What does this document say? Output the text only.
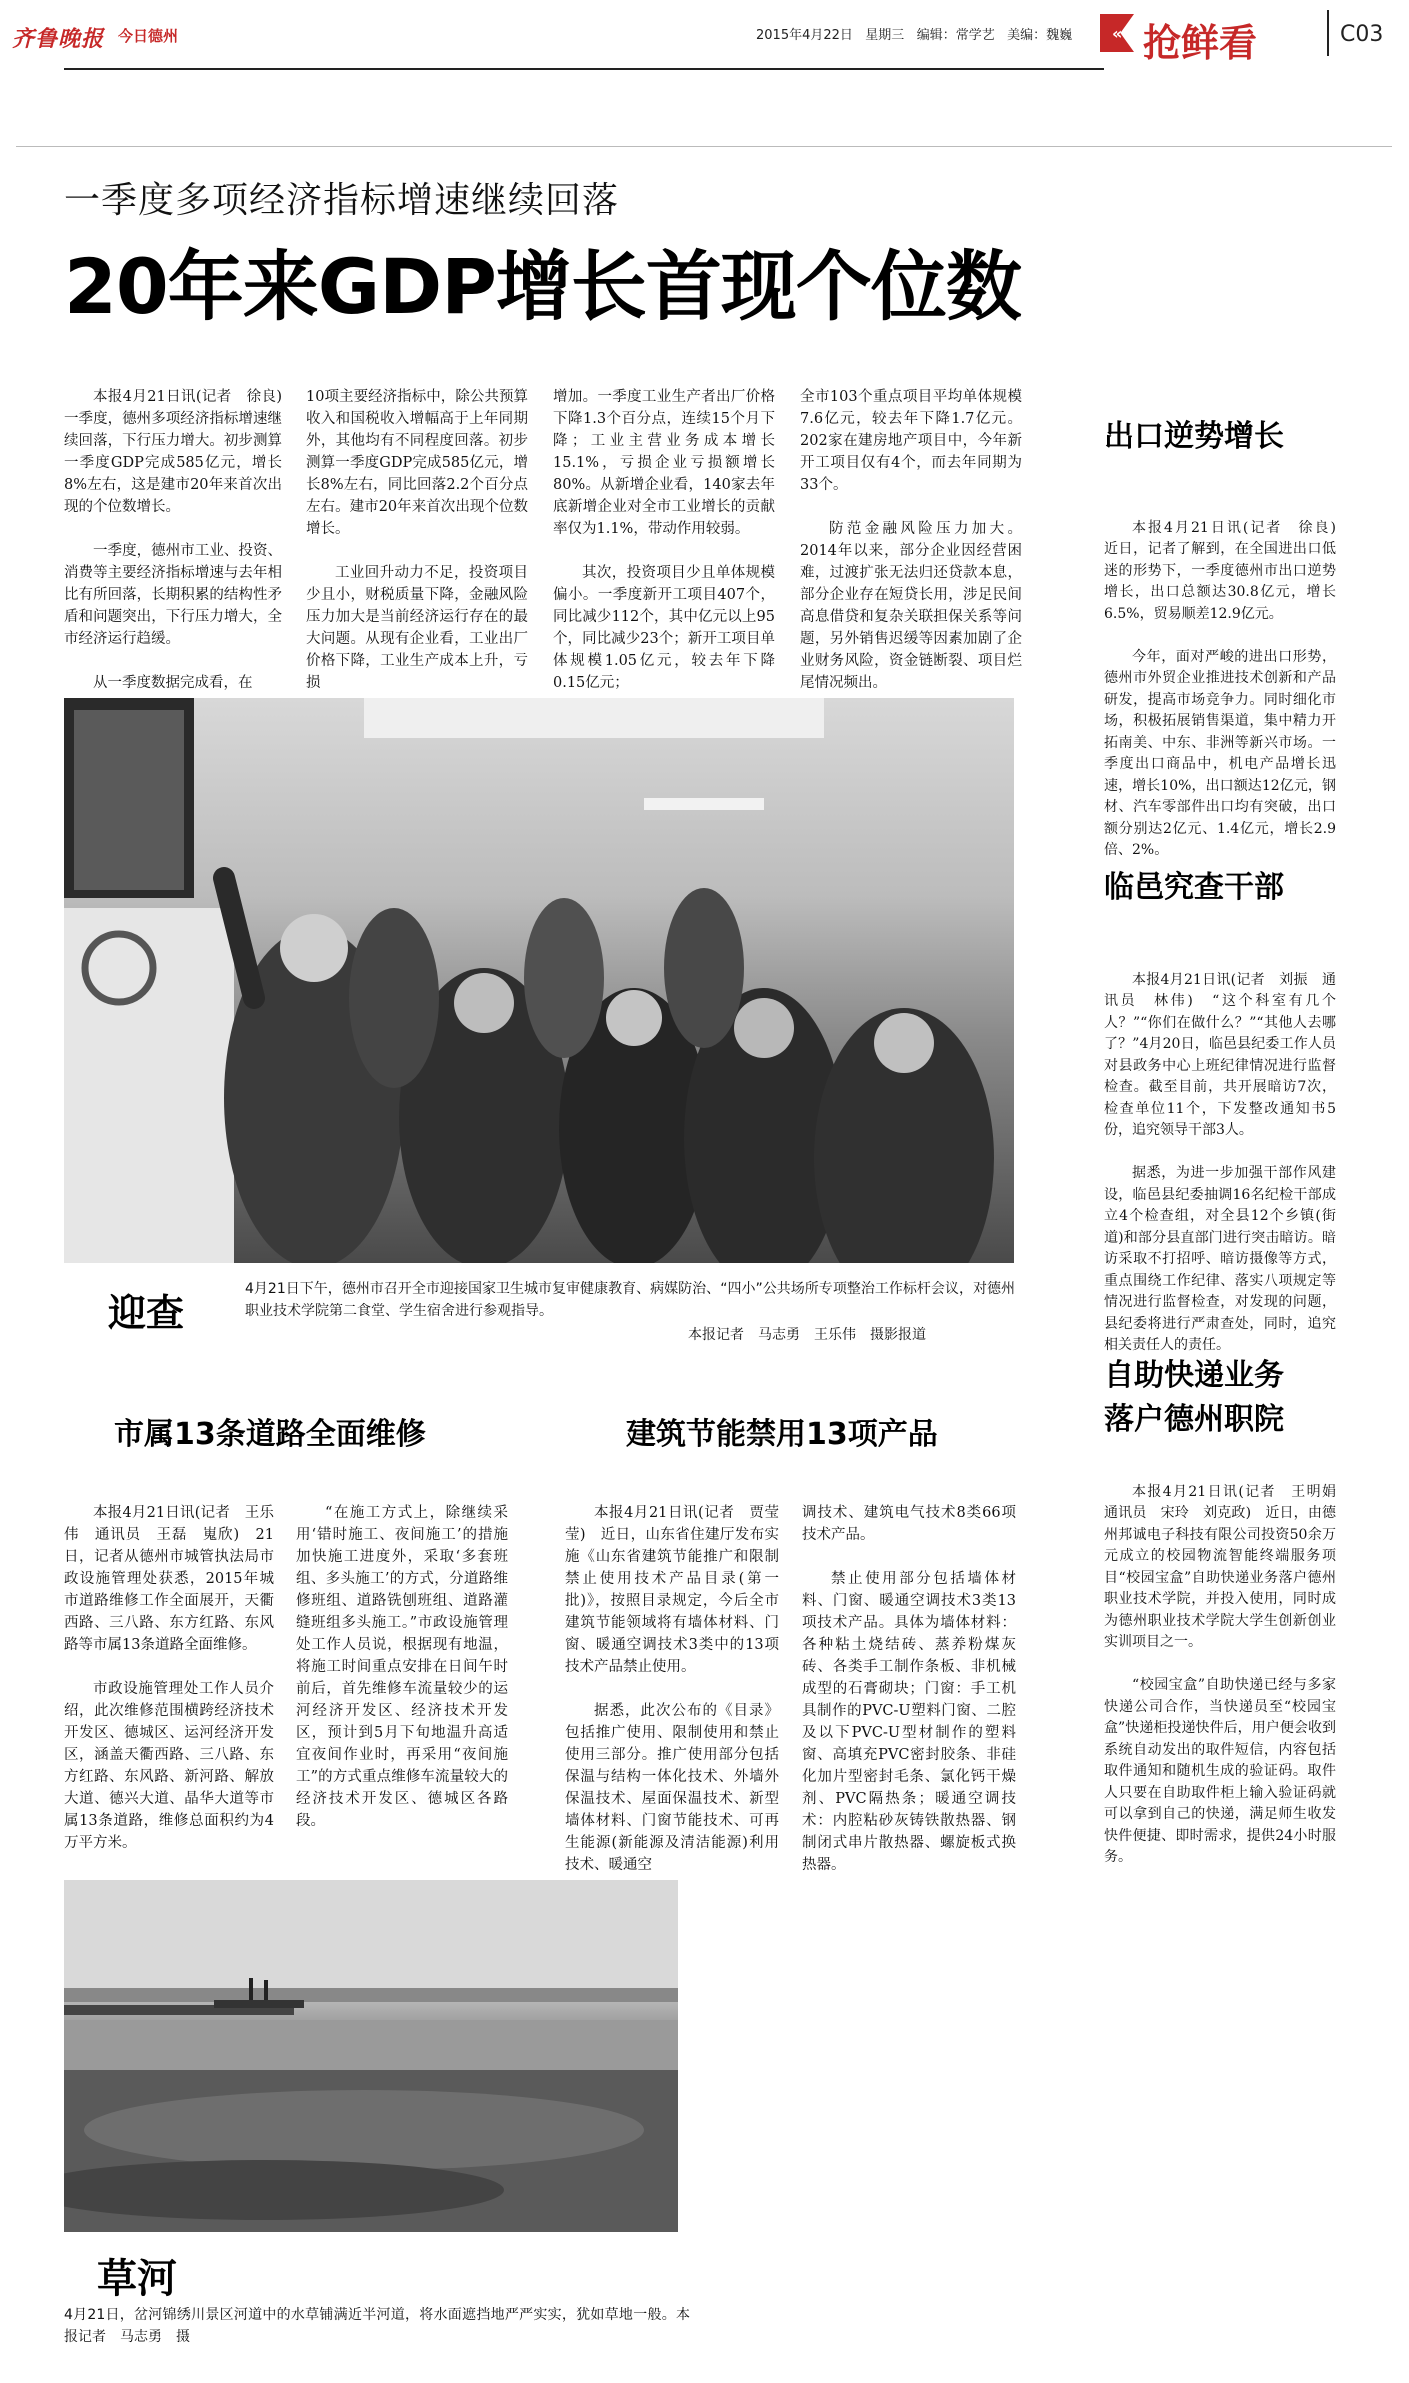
齐鲁晚报 今日德州	2015年4月22日   星期三   编辑：常学艺   美编：魏巍 « 抢鲜看	C03
一季度多项经济指标增速继续回落
20年来GDP增长首现个位数

本报4月21日讯(记者　徐良)　一季度，德州多项经济指标增速继续回落，下行压力增大。初步测算一季度GDP完成585亿元，增长8%左右，这是建市20年来首次出现的个位数增长。

一季度，德州市工业、投资、消费等主要经济指标增速与去年相比有所回落，长期积累的结构性矛盾和问题突出，下行压力增大，全市经济运行趋缓。

从一季度数据完成看，在

10项主要经济指标中，除公共预算收入和国税收入增幅高于上年同期外，其他均有不同程度回落。初步测算一季度GDP完成585亿元，增长8%左右，同比回落2.2个百分点左右。建市20年来首次出现个位数增长。

工业回升动力不足，投资项目少且小，财税质量下降，金融风险压力加大是当前经济运行存在的最大问题。从现有企业看，工业出厂价格下降，工业生产成本上升，亏损

增加。一季度工业生产者出厂价格下降1.3个百分点，连续15个月下降；工业主营业务成本增长15.1%，亏损企业亏损额增长80%。从新增企业看，140家去年底新增企业对全市工业增长的贡献率仅为1.1%，带动作用较弱。

其次，投资项目少且单体规模偏小。一季度新开工项目407个，同比减少112个，其中亿元以上95个，同比减少23个；新开工项目单体规模1.05亿元，较去年下降0.15亿元；

全市103个重点项目平均单体规模7.6亿元，较去年下降1.7亿元。202家在建房地产项目中，今年新开工项目仅有4个，而去年同期为33个。

防范金融风险压力加大。2014年以来，部分企业因经营困难，过渡扩张无法归还贷款本息，部分企业存在短贷长用，涉足民间高息借贷和复杂关联担保关系等问题，另外销售迟缓等因素加剧了企业财务风险，资金链断裂、项目烂尾情况频出。

迎查
4月21日下午，德州市召开全市迎接国家卫生城市复审健康教育、病媒防治、“四小”公共场所专项整治工作标杆会议，对德州职业技术学院第二食堂、学生宿舍进行参观指导。
本报记者　马志勇　王乐伟　摄影报道
出口逆势增长

本报4月21日讯(记者　徐良)　近日，记者了解到，在全国进出口低迷的形势下，一季度德州市出口逆势增长，出口总额达30.8亿元，增长6.5%，贸易顺差12.9亿元。

今年，面对严峻的进出口形势，德州市外贸企业推进技术创新和产品研发，提高市场竞争力。同时细化市场，积极拓展销售渠道，集中精力开拓南美、中东、非洲等新兴市场。一季度出口商品中，机电产品增长迅速，增长10%，出口额达12亿元，钢材、汽车零部件出口均有突破，出口额分别达2亿元、1.4亿元，增长2.9倍、2%。

临邑究查干部

本报4月21日讯(记者　刘振　通讯员　林伟)　“这个科室有几个人？”“你们在做什么？”“其他人去哪了？”4月20日，临邑县纪委工作人员对县政务中心上班纪律情况进行监督检查。截至目前，共开展暗访7次，检查单位11个，下发整改通知书5份，追究领导干部3人。

据悉，为进一步加强干部作风建设，临邑县纪委抽调16名纪检干部成立4个检查组，对全县12个乡镇(街道)和部分县直部门进行突击暗访。暗访采取不打招呼、暗访摄像等方式，重点围绕工作纪律、落实八项规定等情况进行监督检查，对发现的问题，县纪委将进行严肃查处，同时，追究相关责任人的责任。

自助快递业务
落户德州职院

本报4月21日讯(记者　王明娟　通讯员　宋玲　刘克政)　近日，由德州邦诚电子科技有限公司投资50余万元成立的校园物流智能终端服务项目“校园宝盒”自助快递业务落户德州职业技术学院，并投入使用，同时成为德州职业技术学院大学生创新创业实训项目之一。

“校园宝盒”自助快递已经与多家快递公司合作，当快递员至“校园宝盒”快递柜投递快件后，用户便会收到系统自动发出的取件短信，内容包括取件通知和随机生成的验证码。取件人只要在自助取件柜上输入验证码就可以拿到自己的快递，满足师生收发快件便捷、即时需求，提供24小时服务。

市属13条道路全面维修

本报4月21日讯(记者　王乐伟　通讯员　王磊　嵬欣)　21日，记者从德州市城管执法局市政设施管理处获悉，2015年城市道路维修工作全面展开，天衢西路、三八路、东方红路、东风路等市属13条道路全面维修。

市政设施管理处工作人员介绍，此次维修范围横跨经济技术开发区、德城区、运河经济开发区，涵盖天衢西路、三八路、东方红路、东风路、新河路、解放大道、德兴大道、晶华大道等市属13条道路，维修总面积约为4万平方米。

“在施工方式上，除继续采用‘错时施工、夜间施工’的措施加快施工进度外，采取‘多套班组、多头施工’的方式，分道路维修班组、道路铣刨班组、道路灌缝班组多头施工。”市政设施管理处工作人员说，根据现有地温，将施工时间重点安排在日间午时前后，首先维修车流量较少的运河经济开发区、经济技术开发区，预计到5月下旬地温升高适宜夜间作业时，再采用“夜间施工”的方式重点维修车流量较大的经济技术开发区、德城区各路段。

建筑节能禁用13项产品

本报4月21日讯(记者　贾莹莹)　近日，山东省住建厅发布实施《山东省建筑节能推广和限制禁止使用技术产品目录(第一批)》，按照目录规定，今后全市建筑节能领域将有墙体材料、门窗、暖通空调技术3类中的13项技术产品禁止使用。

据悉，此次公布的《目录》包括推广使用、限制使用和禁止使用三部分。推广使用部分包括保温与结构一体化技术、外墙外保温技术、屋面保温技术、新型墙体材料、门窗节能技术、可再生能源(新能源及清洁能源)利用技术、暖通空

调技术、建筑电气技术8类66项技术产品。

禁止使用部分包括墙体材料、门窗、暖通空调技术3类13项技术产品。具体为墙体材料：各种粘土烧结砖、蒸养粉煤灰砖、各类手工制作条板、非机械成型的石膏砌块；门窗：手工机具制作的PVC-U塑料门窗、二腔及以下PVC-U型材制作的塑料窗、高填充PVC密封胶条、非硅化加片型密封毛条、氯化钙干燥剂、PVC隔热条；暖通空调技术：内腔粘砂灰铸铁散热器、钢制闭式串片散热器、螺旋板式换热器。

草河
4月21日，岔河锦绣川景区河道中的水草铺满近半河道，将水面遮挡地严严实实，犹如草地一般。本报记者　马志勇　摄
